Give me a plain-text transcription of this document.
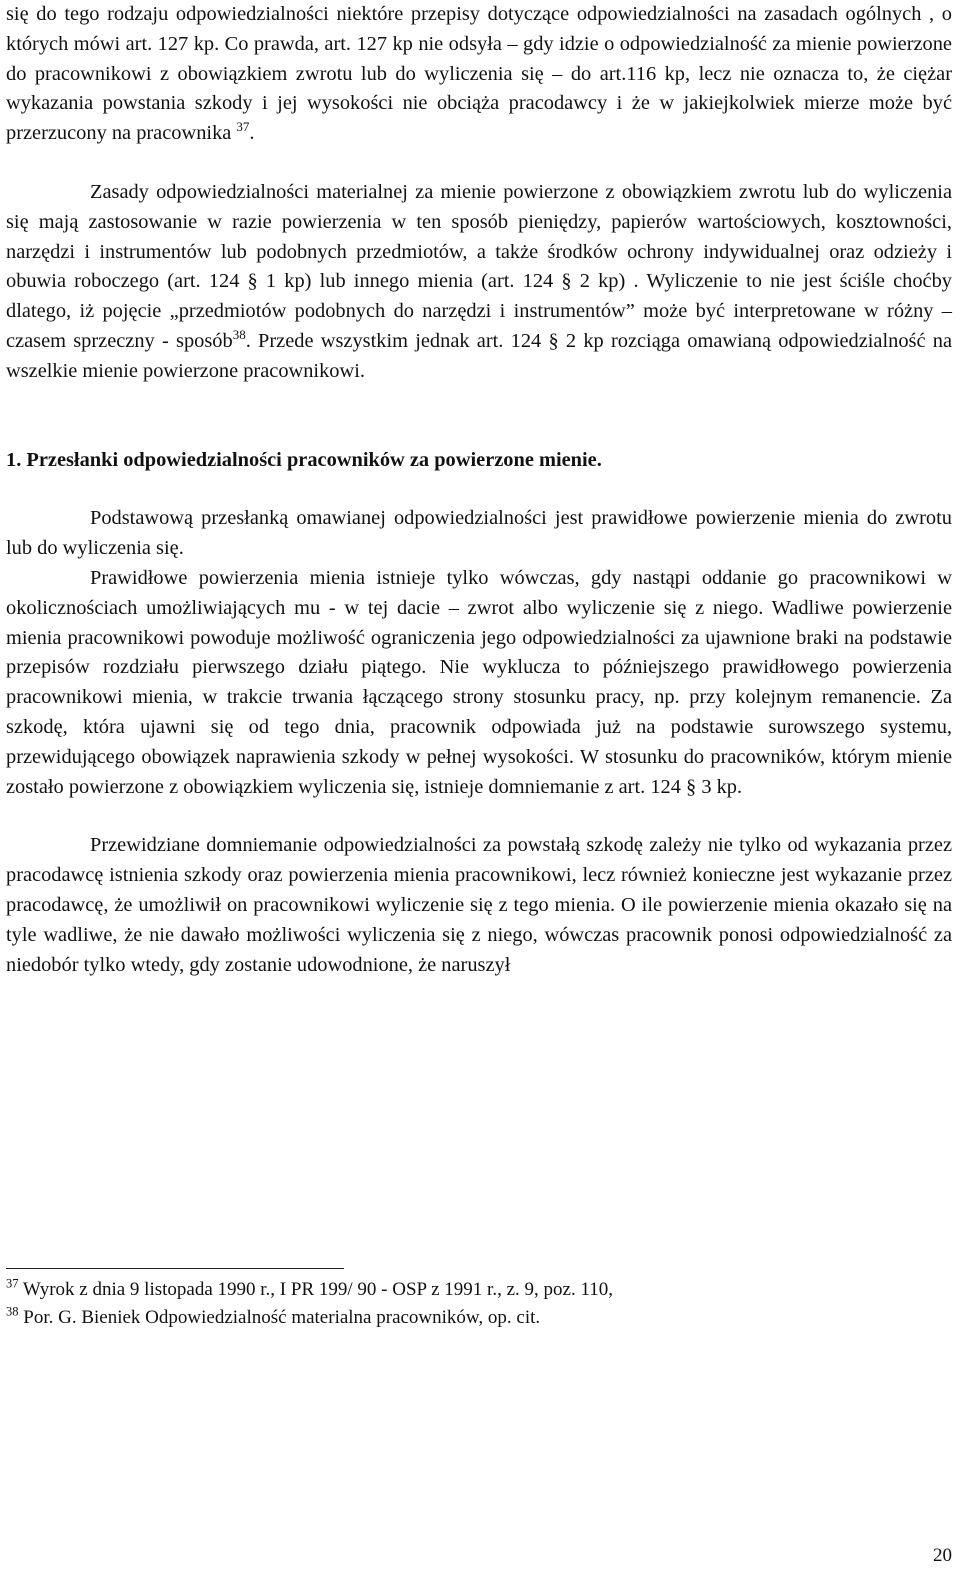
się do tego rodzaju odpowiedzialności niektóre przepisy dotyczące odpowiedzialności na zasadach ogólnych , o których mówi art. 127 kp. Co prawda, art. 127 kp nie odsyła – gdy idzie o odpowiedzialność za mienie powierzone do pracownikowi z obowiązkiem zwrotu lub do wyliczenia się – do art.116 kp, lecz nie oznacza to, że ciężar wykazania powstania szkody i jej wysokości nie obciąża pracodawcy i że w jakiejkolwiek mierze może być przerzucony na pracownika $^{37}$.

Zasady odpowiedzialności materialnej za mienie powierzone z obowiązkiem zwrotu lub do wyliczenia się mają zastosowanie w razie powierzenia w ten sposób pieniędzy, papierów wartościowych, kosztowności, narzędzi i instrumentów lub podobnych przedmiotów, a także środków ochrony indywidualnej oraz odzieży i obuwia roboczego (art. 124 § 1 kp) lub innego mienia (art. 124 § 2 kp) . Wyliczenie to nie jest ściśle choćby dlatego, iż pojęcie „przedmiotów podobnych do narzędzi i instrumentów” może być interpretowane w różny – czasem sprzeczny - sposób$^{38}$. Przede wszystkim jednak art. 124 § 2 kp rozciąga omawianą odpowiedzialność na wszelkie mienie powierzone pracownikowi.

1. Przesłanki odpowiedzialności pracowników za powierzone mienie.

Podstawową przesłanką omawianej odpowiedzialności jest prawidłowe powierzenie mienia do zwrotu lub do wyliczenia się.

Prawidłowe powierzenia mienia istnieje tylko wówczas, gdy nastąpi oddanie go pracownikowi w okolicznościach umożliwiających mu - w tej dacie – zwrot albo wyliczenie się z niego. Wadliwe powierzenie mienia pracownikowi powoduje możliwość ograniczenia jego odpowiedzialności za ujawnione braki na podstawie przepisów rozdziału pierwszego działu piątego. Nie wyklucza to późniejszego prawidłowego powierzenia pracownikowi mienia, w trakcie trwania łączącego strony stosunku pracy, np. przy kolejnym remanencie. Za szkodę, która ujawni się od tego dnia, pracownik odpowiada już na podstawie surowszego systemu, przewidującego obowiązek naprawienia szkody w pełnej wysokości. W stosunku do pracowników, którym mienie zostało powierzone z obowiązkiem wyliczenia się, istnieje domniemanie z art. 124 § 3 kp.

Przewidziane domniemanie odpowiedzialności za powstałą szkodę zależy nie tylko od wykazania przez pracodawcę istnienia szkody oraz powierzenia mienia pracownikowi, lecz również konieczne jest wykazanie przez pracodawcę, że umożliwił on pracownikowi wyliczenie się z tego mienia. O ile powierzenie mienia okazało się na tyle wadliwe, że nie dawało możliwości wyliczenia się z niego, wówczas pracownik ponosi odpowiedzialność za niedobór tylko wtedy, gdy zostanie udowodnione, że naruszył

$^{37}$ Wyrok z dnia 9 listopada 1990 r., I PR 199/ 90 - OSP z 1991 r., z. 9, poz. 110,

$^{38}$ Por. G. Bieniek Odpowiedzialność materialna pracowników, op. cit.

20
